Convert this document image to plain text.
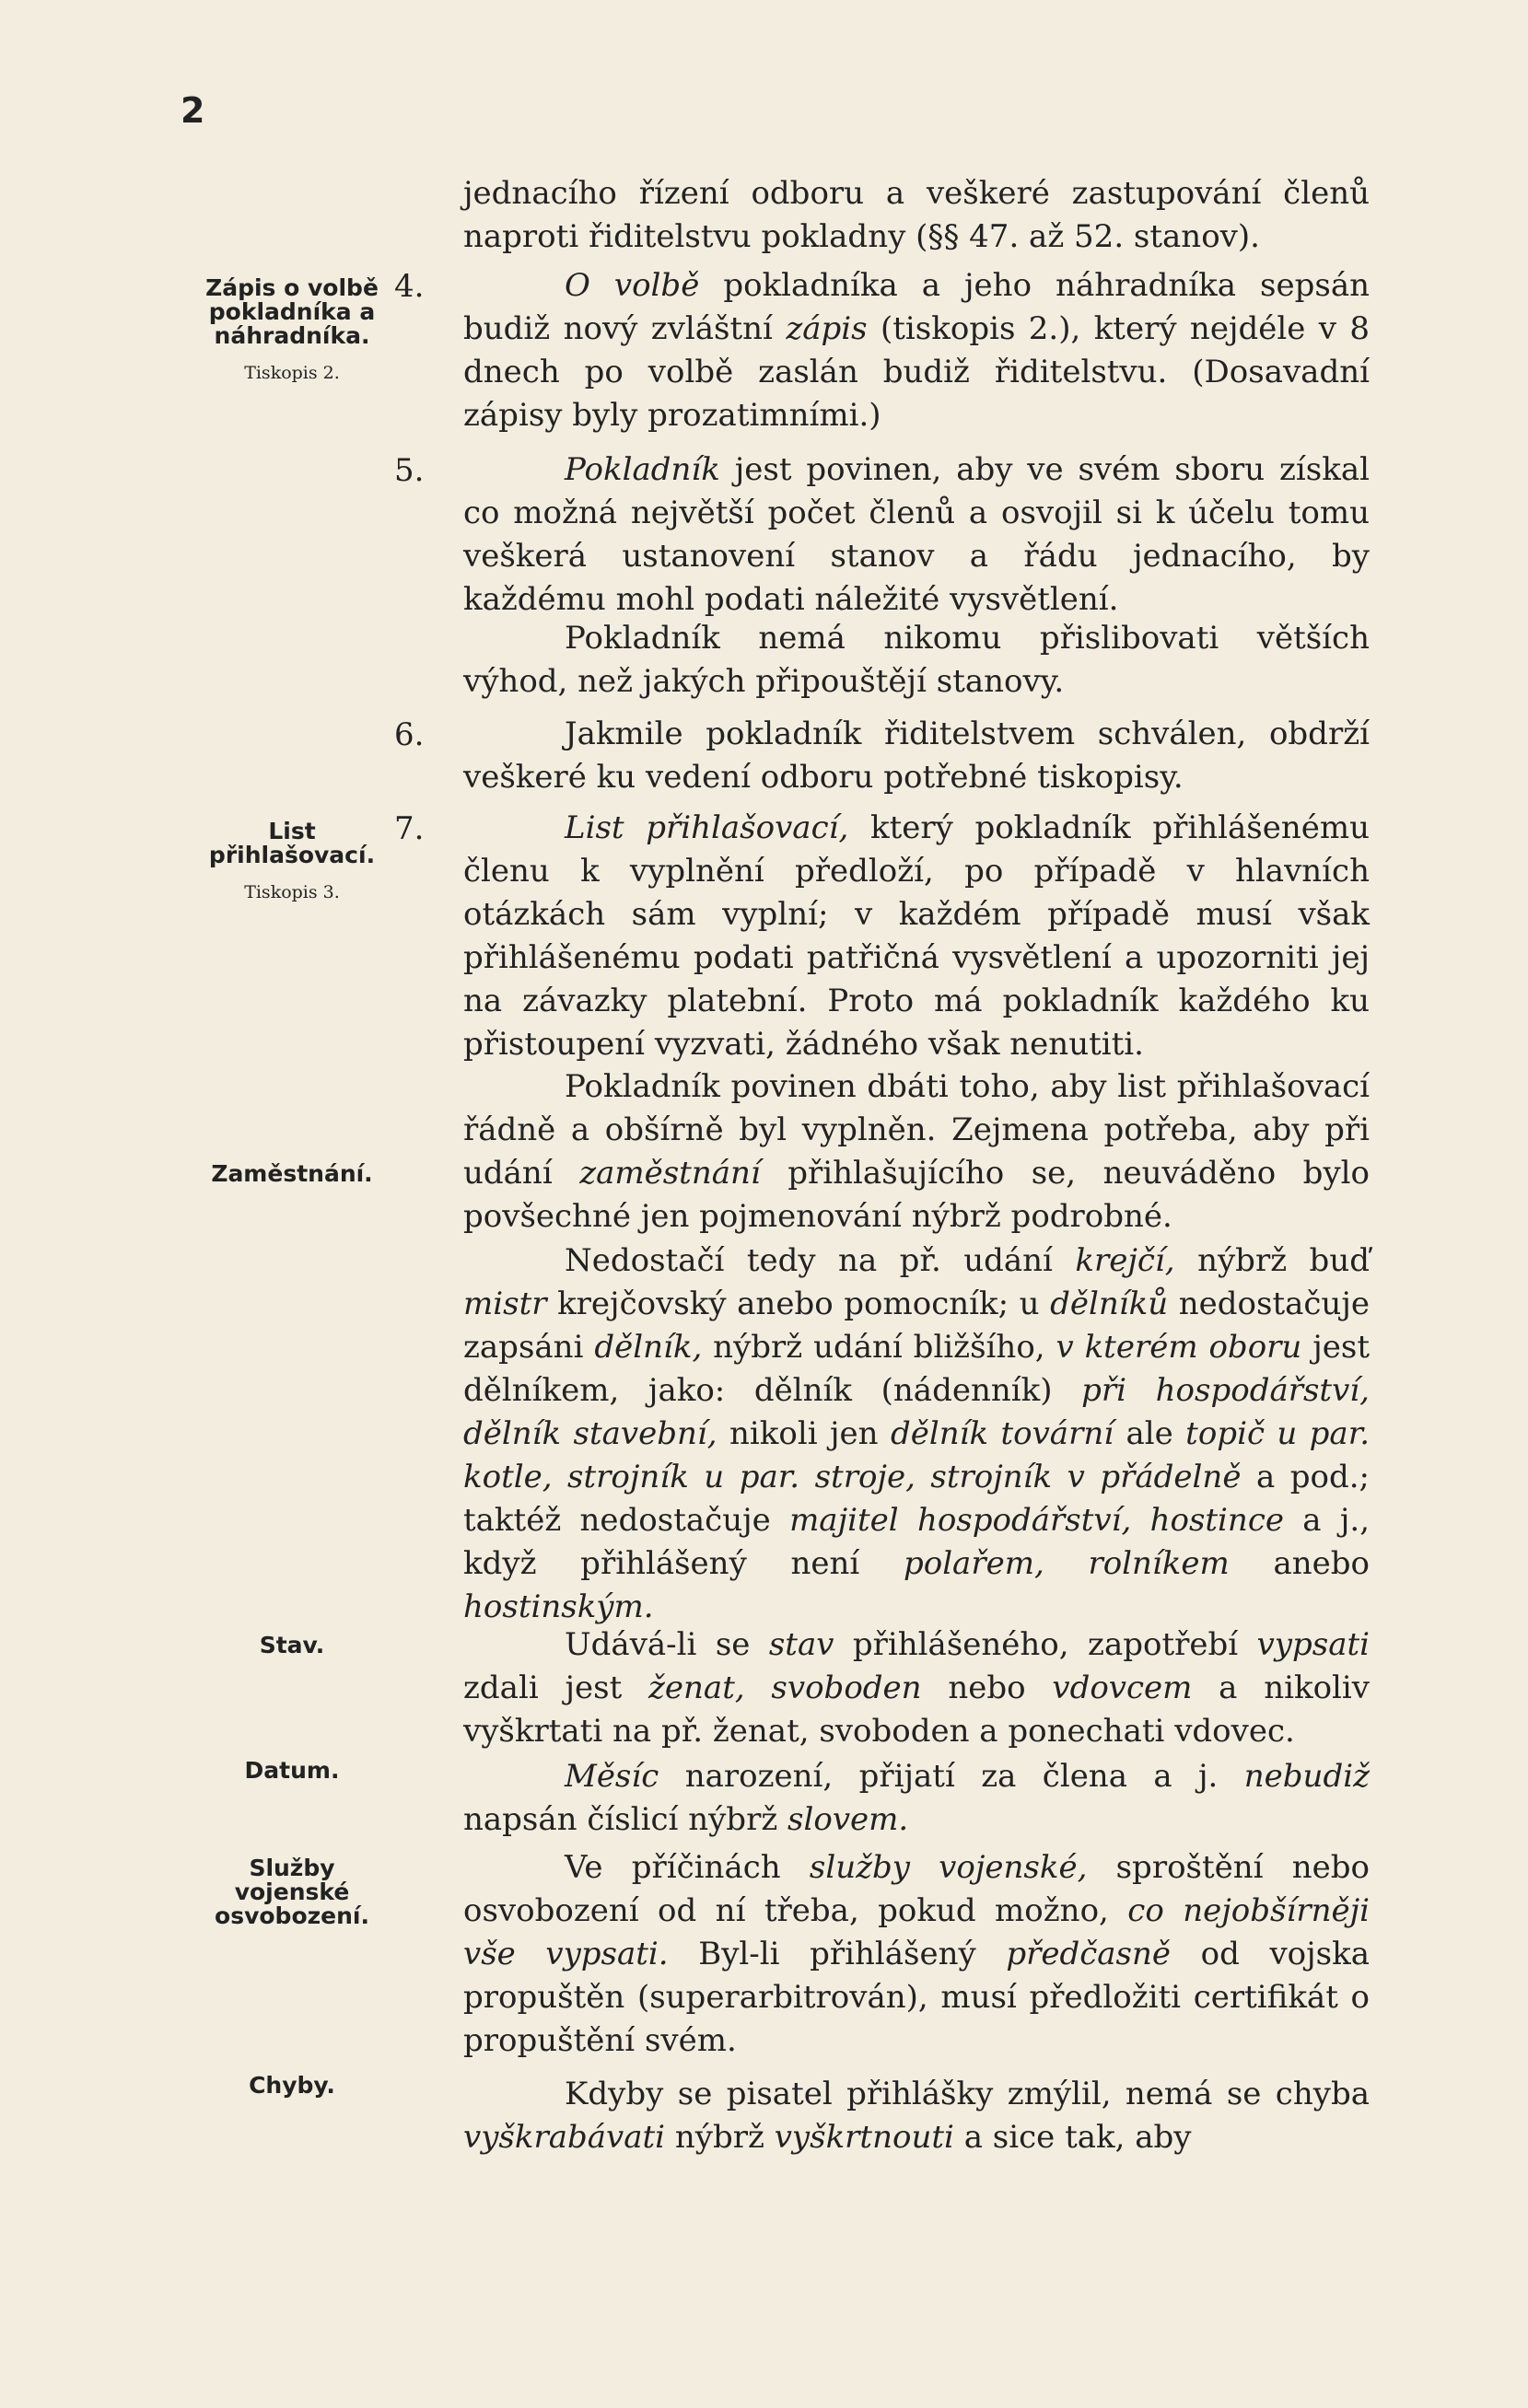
2
Zápis o volbě pokladníka a náhradníka.
Tiskopis 2.
List přihlašovací.
Tiskopis 3.
Zaměstnání.
Stav.
Datum.
Služby vojenské osvobození.
Chyby.
4.
5.
6.
7.
jednacího řízení odboru a veškeré zastupování členů naproti řiditelstvu pokladny (§§ 47. až 52. stanov).
O volbě pokladníka a jeho náhradníka sepsán budiž nový zvláštní zápis (tiskopis 2.), který nejdéle v 8 dnech po volbě zaslán budiž řiditelstvu. (Dosavadní zápisy byly prozatimními.)
Pokladník jest povinen, aby ve svém sboru získal co možná největší počet členů a osvojil si k účelu tomu veškerá ustanovení stanov a řádu jednacího, by každému mohl podati náležité vysvětlení.
Pokladník nemá nikomu přislibovati větších výhod, než jakých připouštějí stanovy.
Jakmile pokladník řiditelstvem schválen, obdrží veškeré ku vedení odboru potřebné tiskopisy.
List přihlašovací, který pokladník přihlášenému členu k vyplnění předloží, po případě v hlavních otázkách sám vyplní; v každém případě musí však přihlášenému podati patřičná vysvětlení a upozorniti jej na závazky platební. Proto má pokladník každého ku přistoupení vyzvati, žádného však nenutiti.
Pokladník povinen dbáti toho, aby list přihlašovací řádně a obšírně byl vyplněn. Zejmena potřeba, aby při udání zaměstnání přihlašujícího se, neuváděno bylo povšechné jen pojmenování nýbrž podrobné.
Nedostačí tedy na př. udání krejčí, nýbrž buď mistr krejčovský anebo pomocník; u dělníků nedostačuje zapsáni dělník, nýbrž udání bližšího, v kterém oboru jest dělníkem, jako: dělník (nádenník) při hospodářství, dělník stavební, nikoli jen dělník tovární ale topič u par. kotle, strojník u par. stroje, strojník v přádelně a pod.; taktéž nedostačuje majitel hospodářství, hostince a j., když přihlášený není polařem, rolníkem anebo hostinským.
Udává-li se stav přihlášeného, zapotřebí vypsati zdali jest ženat, svoboden nebo vdovcem a nikoliv vyškrtati na př. ženat, svoboden a ponechati vdovec.
Měsíc narození, přijatí za člena a j. nebudiž napsán číslicí nýbrž slovem.
Ve příčinách služby vojenské, sproštění nebo osvobození od ní třeba, pokud možno, co nejobšírněji vše vypsati. Byl-li přihlášený předčasně od vojska propuštěn (superarbitrován), musí předložiti certifikát o propuštění svém.
Kdyby se pisatel přihlášky zmýlil, nemá se chyba vyškrabávati nýbrž vyškrtnouti a sice tak, aby
